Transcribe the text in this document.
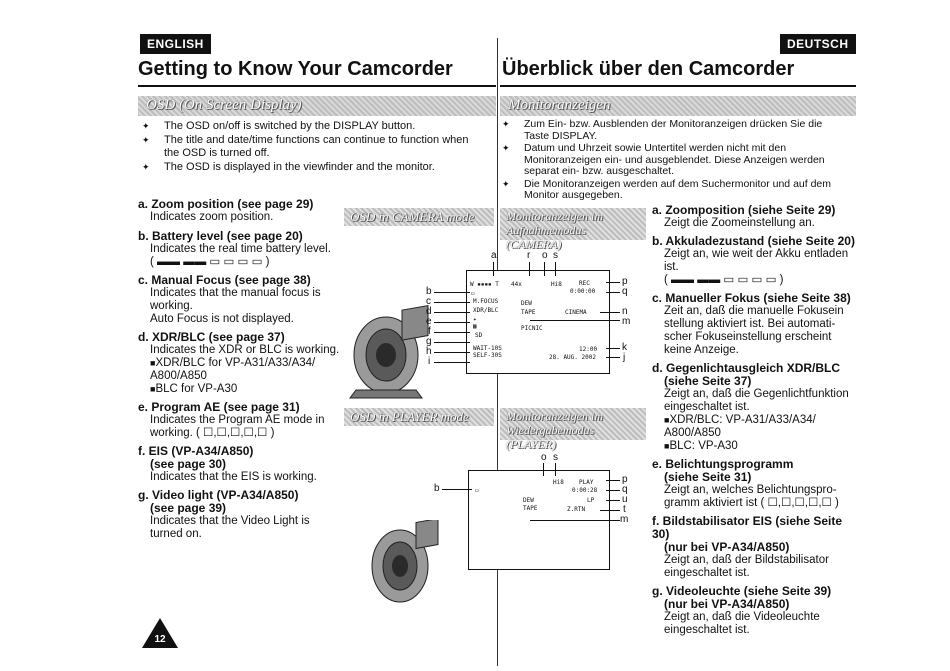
ENGLISH	DEUTSCH
Getting to Know Your Camcorder Überblick über den Camcorder
OSD (On Screen Display)	Monitoranzeigen
✦ The OSD on/off is switched by the DISPLAY button.
✦ The title and date/time functions can continue to function when the OSD is turned off.
✦ The OSD is displayed in the viewfinder and the monitor.
✦ Zum Ein- bzw. Ausblenden der Monitoranzeigen drücken Sie die Taste DISPLAY.
✦ Datum und Uhrzeit sowie Untertitel werden nicht mit den Monitoranzeigen ein- und ausgeblendet. Diese Anzeigen werden separat ein- bzw. ausgeschaltet.
✦ Die Monitoranzeigen werden auf dem Suchermonitor und auf dem Monitor ausgegeben.
OSD in CAMERA mode	Monitoranzeigen im
Aufnahmemodus (CAMERA)
OSD in PLAYER mode	Monitoranzeigen im
Wiedergabemodus (PLAYER)
a. Zoom position (see page 29)
Indicates zoom position.
b. Battery level (see page 20)
Indicates the real time battery level.
( ▬▬ ▬▬ ▭ ▭ ▭ ▭ )
c. Manual Focus (see page 38)
Indicates that the manual focus is working.
Auto Focus is not displayed.
d. XDR/BLC (see page 37)
Indicates the XDR or BLC is working.
■ XDR/BLC for VP-A31/A33/A34/ A800/A850
■ BLC for VP-A30
e. Program AE (see page 31)
Indicates the Program AE mode in working. ( ☐,☐,☐,☐,☐ )
f. EIS (VP-A34/A850)
(see page 30)
Indicates that the EIS is working.
g. Video light (VP-A34/A850)
(see page 39)
Indicates that the Video Light is turned on.
a. Zoomposition (siehe Seite 29)
Zeigt die Zoomeinstellung an.
b. Akkuladezustand (siehe Seite 20)
Zeigt an, wie weit der Akku entladen ist.
( ▬▬ ▬▬ ▭ ▭ ▭ ▭ )
c. Manueller Fokus (siehe Seite 38)
Zeit an, daß die manuelle Fokusein stellung aktiviert ist. Bei automati-scher Fokuseinstellung erscheint keine Anzeige.
d. Gegenlichtausgleich XDR/BLC
(siehe Seite 37)
Zeigt an, daß die Gegenlichtfunktion eingeschaltet ist.
■ XDR/BLC: VP-A31/A33/A34/ A800/A850
■ BLC: VP-A30
e. Belichtungsprogramm
(siehe Seite 31)
Zeigt an, welches Belichtungspro-gramm aktiviert ist ( ☐,☐,☐,☐,☐ )
f. Bildstabilisator EIS (siehe Seite 30)
(nur bei VP-A34/A850)
Zeigt an, daß der Bildstabilisator eingeschaltet ist.
g. Videoleuchte (siehe Seite 39)
(nur bei VP-A34/A850)
Zeigt an, daß die Videoleuchte eingeschaltet ist.
W ▪▪▪▪ T 44x	Hi8	REC
0:00:00
▭
M.FOCUS
XDR/BLC
DEW
TAPE	CINEMA
✦
▦	PICNIC
SD
WAIT-10S
SELF-30S
12:00
28. AUG. 2002
a	r o s
b
c
d
e
f
g
h
i
p
q
n
m
k
j
Hi8	PLAY
0:00:28
▭
LP
DEW
TAPE	Z.RTN
o s
b
p
q
u
t
m
12
